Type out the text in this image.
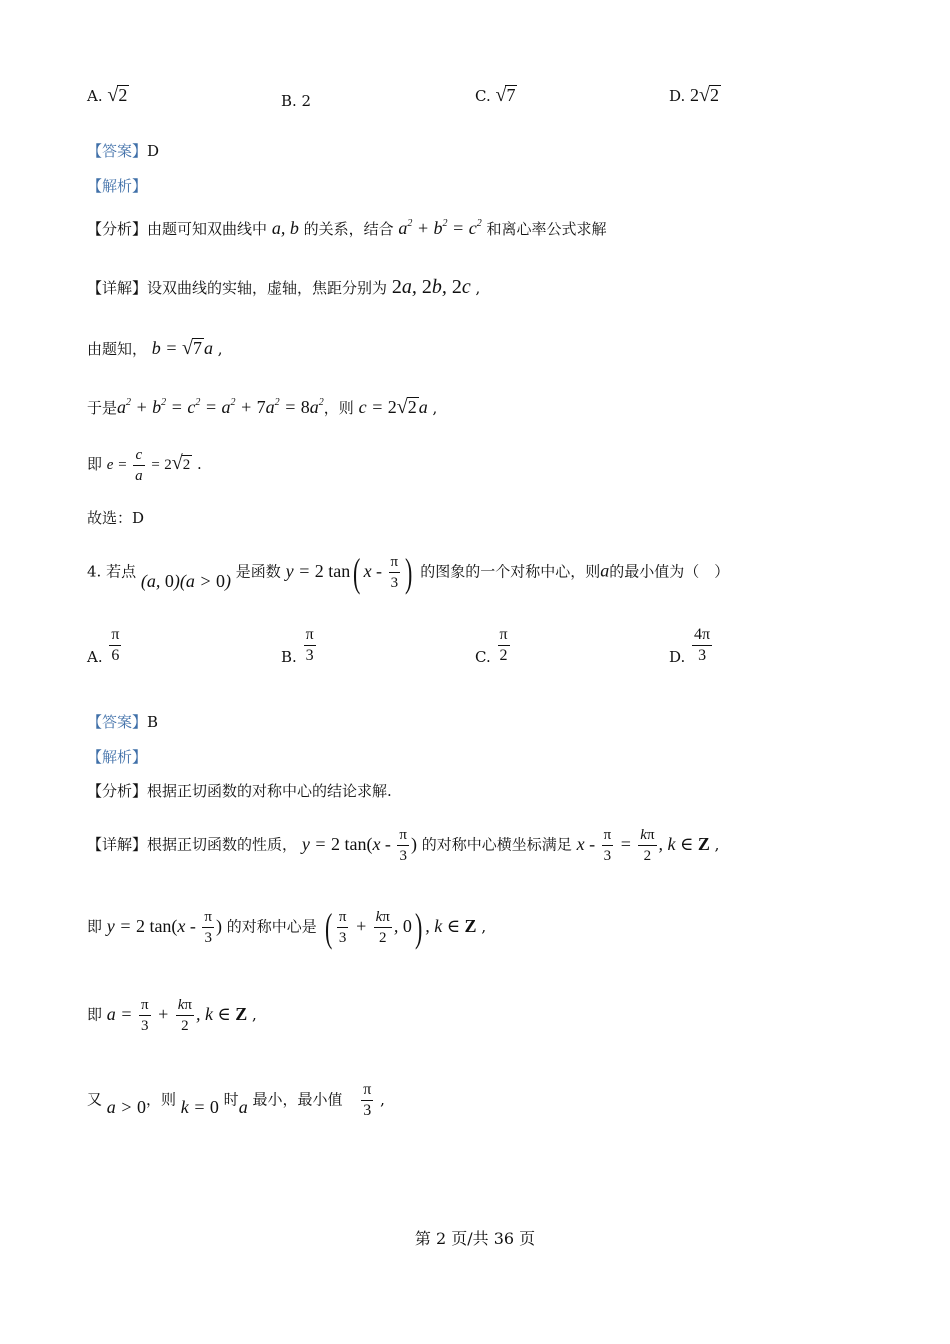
A. √2	B. 2	C. √7	D. 2√2
【答案】D
【解析】
【分析】由题可知双曲线中 a, b 的关系，结合 $a^2 + b^2 = c^2$ 和离心率公式求解
【详解】设双曲线的实轴，虚轴，焦距分别为 2a, 2b, 2c ,
由题知， b = √7 a ,
于是$a^2 + b^2 = c^2 = a^2 + 7a^2 = 8a^2$，则 c = 2√2 a ,
即 $e = \frac{c}{a} = 2√2$ .
故选：D
4. 若点 (a, 0)(a > 0) 是函数 y = 2 tan( x - $\frac{\pi}{3}$ ) 的图象的一个对称中心，则a的最小值为（　）
A. $\frac{\pi}{6}$	B. $\frac{\pi}{3}$	C. $\frac{\pi}{2}$	D. $\frac{4\pi}{3}$
【答案】B
【解析】
【分析】根据正切函数的对称中心的结论求解.
【详解】根据正切函数的性质， y = 2 $\tan(x - \frac{\pi}{3}$ ) 的对称中心横坐标满足 $x - \frac{\pi}{3} = \frac{k\pi}{2}$ , k ∈ Z ,
即 y = 2 $\tan(x - \frac{\pi}{3}$ ) 的对称中心是 ( $\frac{\pi}{3} + \frac{k\pi}{2}$ , 0) , k ∈ Z ,
即 $a = \frac{\pi}{3} + \frac{k\pi}{2}$ , k ∈ Z ,
又 a > 0，则 k = 0 时a 最小，最小值 $\frac{\pi}{3}$ ,
第 2 页/共 36 页
